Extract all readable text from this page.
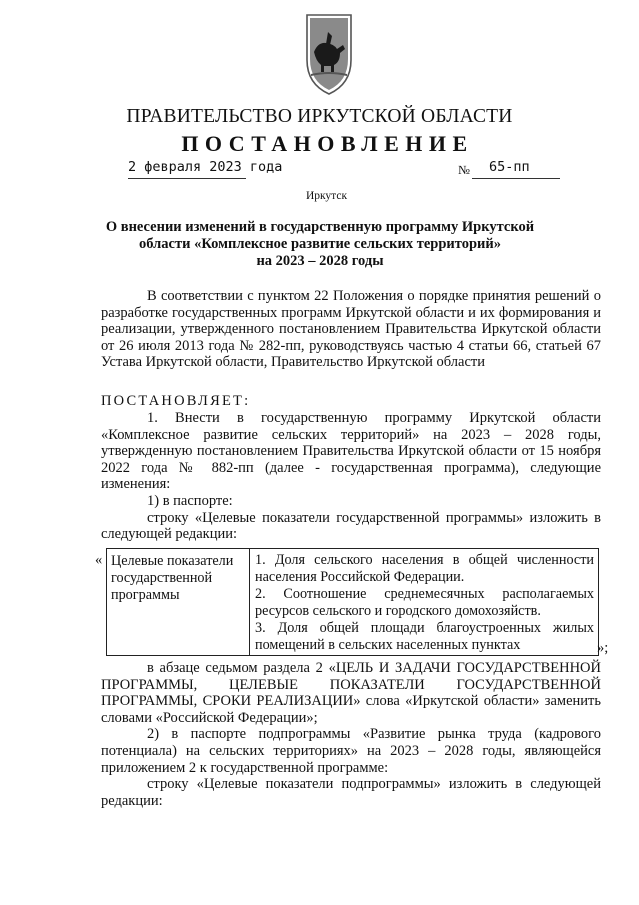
ПРАВИТЕЛЬСТВО ИРКУТСКОЙ ОБЛАСТИ
ПОСТАНОВЛЕНИЕ
2 февраля 2023 года	№ 65-пп
Иркутск
О внесении изменений в государственную программу Иркутской
области «Комплексное развитие сельских территорий»
на 2023 – 2028 годы

В соответствии с пунктом 22 Положения о порядке принятия решений о разработке государственных программ Иркутской области и их формирования и реализации, утвержденного постановлением Правительства Иркутской области от 26 июля 2013 года № 282-пп, руководствуясь частью 4 статьи 66, статьей 67 Устава Иркутской области, Правительство Иркутской области

ПОСТАНОВЛЯЕТ:

1. Внести в государственную программу Иркутской области «Комплексное развитие сельских территорий» на 2023 – 2028 годы, утвержденную постановлением Правительства Иркутской области от 15 ноября 2022 года № 882-пп (далее - государственная программа), следующие изменения:

1) в паспорте:

строку «Целевые показатели государственной программы» изложить в следующей редакции:

« Целевые показатели государственной программы

1. Доля сельского населения в общей численности населения Российской Федерации.

2. Соотношение среднемесячных располагаемых ресурсов сельского и городского домохозяйств.

3. Доля общей площади благоустроенных жилых помещений в сельских населенных пунктах	»;

в абзаце седьмом раздела 2 «ЦЕЛЬ И ЗАДАЧИ ГОСУДАРСТВЕННОЙ ПРОГРАММЫ, ЦЕЛЕВЫЕ ПОКАЗАТЕЛИ ГОСУДАРСТВЕННОЙ ПРОГРАММЫ, СРОКИ РЕАЛИЗАЦИИ» слова «Иркутской области» заменить словами «Российской Федерации»;

2) в паспорте подпрограммы «Развитие рынка труда (кадрового потенциала) на сельских территориях» на 2023 – 2028 годы, являющейся приложением 2 к государственной программе:

строку «Целевые показатели подпрограммы» изложить в следующей редакции:
